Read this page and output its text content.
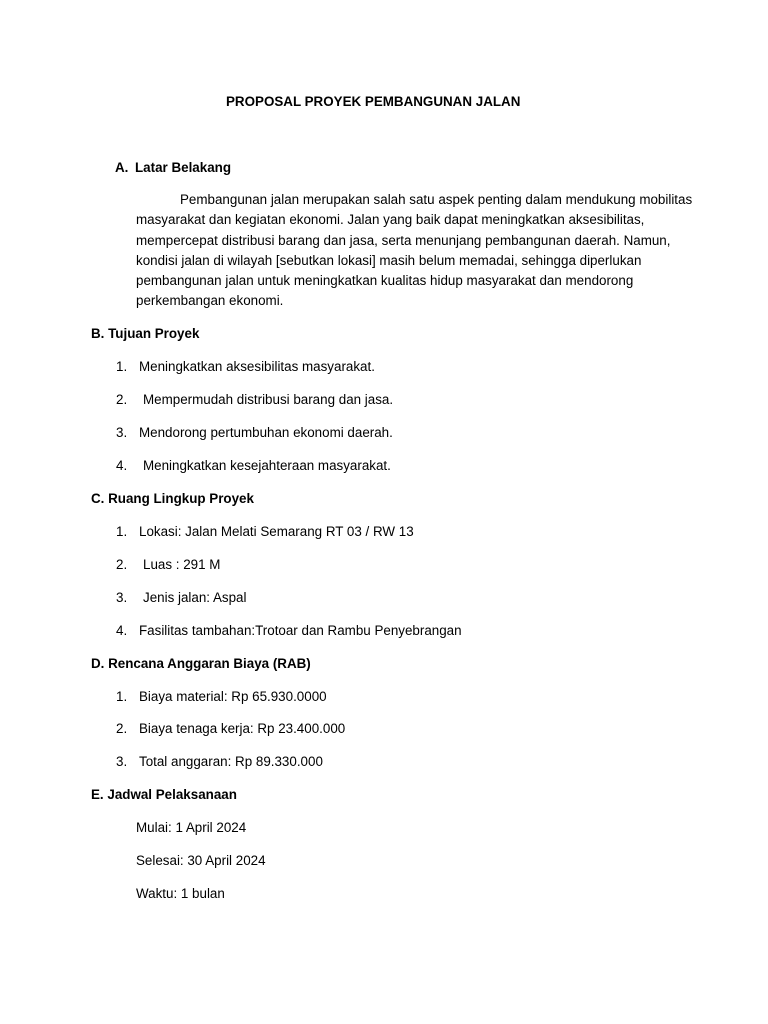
PROPOSAL PROYEK PEMBANGUNAN JALAN
A. Latar Belakang
Pembangunan jalan merupakan salah satu aspek penting dalam mendukung mobilitas
masyarakat dan kegiatan ekonomi. Jalan yang baik dapat meningkatkan aksesibilitas,
mempercepat distribusi barang dan jasa, serta menunjang pembangunan daerah. Namun,
kondisi jalan di wilayah [sebutkan lokasi] masih belum memadai, sehingga diperlukan
pembangunan jalan untuk meningkatkan kualitas hidup masyarakat dan mendorong
perkembangan ekonomi.
B. Tujuan Proyek
1. Meningkatkan aksesibilitas masyarakat.
2. Mempermudah distribusi barang dan jasa.
3. Mendorong pertumbuhan ekonomi daerah.
4. Meningkatkan kesejahteraan masyarakat.
C. Ruang Lingkup Proyek
1. Lokasi: Jalan Melati Semarang RT 03 / RW 13
2. Luas : 291 M
3. Jenis jalan: Aspal
4. Fasilitas tambahan:Trotoar dan Rambu Penyebrangan
D. Rencana Anggaran Biaya (RAB)
1. Biaya material: Rp 65.930.0000
2. Biaya tenaga kerja: Rp 23.400.000
3. Total anggaran: Rp 89.330.000
E. Jadwal Pelaksanaan
Mulai: 1 April 2024
Selesai: 30 April 2024
Waktu: 1 bulan
